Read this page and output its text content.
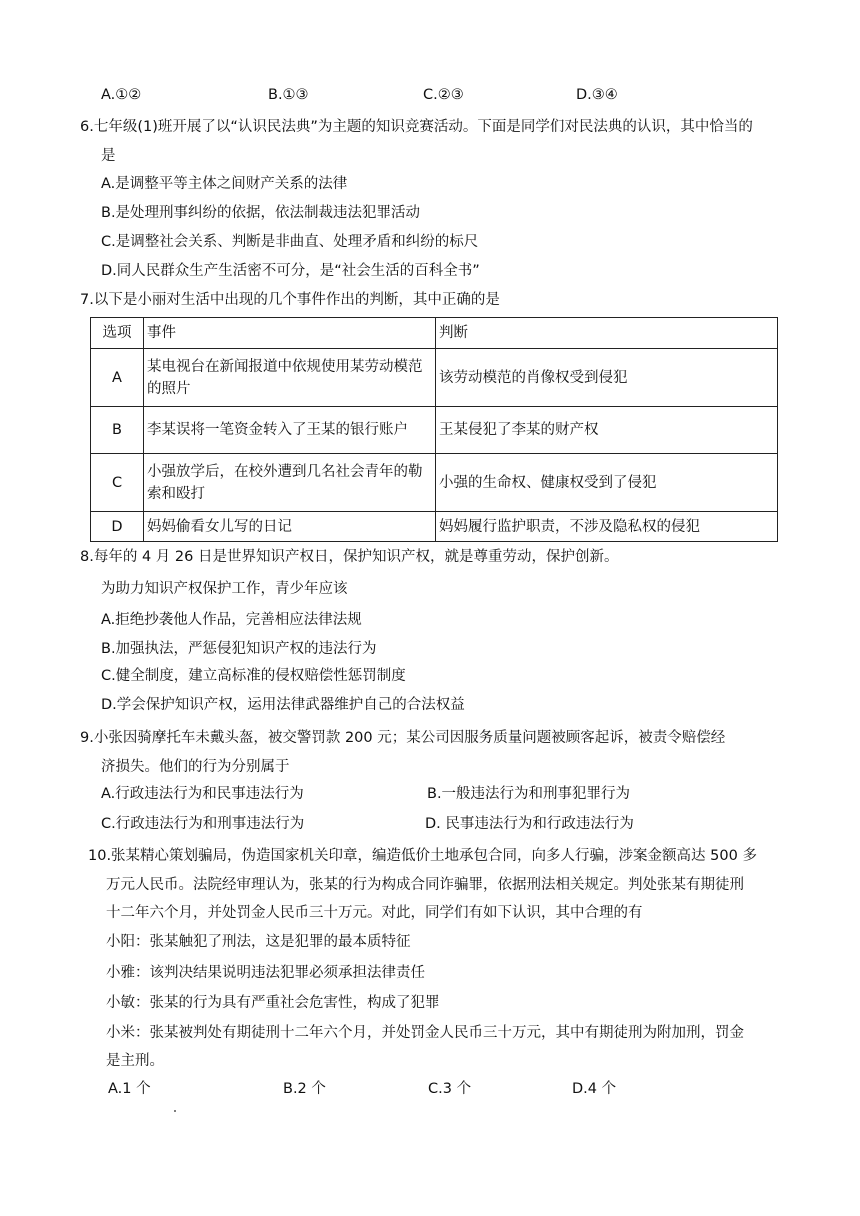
A.①②	B.①③	C.②③	D.③④
6.七年级(1)班开展了以“认识民法典”为主题的知识竞赛活动。下面是同学们对民法典的认识，其中恰当的
是
A.是调整平等主体之间财产关系的法律
B.是处理刑事纠纷的依据，依法制裁违法犯罪活动
C.是调整社会关系、判断是非曲直、处理矛盾和纠纷的标尺
D.同人民群众生产生活密不可分，是“社会生活的百科全书”
7.以下是小丽对生活中出现的几个事件作出的判断，其中正确的是
选项	事件	判断
A	某电视台在新闻报道中依规使用某劳动模范的照片	该劳动模范的肖像权受到侵犯
B	李某误将一笔资金转入了王某的银行账户	王某侵犯了李某的财产权
C	小强放学后，在校外遭到几名社会青年的勒索和殴打	小强的生命权、健康权受到了侵犯
D	妈妈偷看女儿写的日记	妈妈履行监护职责，不涉及隐私权的侵犯
8.每年的 4 月 26 日是世界知识产权日，保护知识产权，就是尊重劳动，保护创新。
为助力知识产权保护工作，青少年应该
A.拒绝抄袭他人作品，完善相应法律法规
B.加强执法，严惩侵犯知识产权的违法行为
C.健全制度，建立高标准的侵权赔偿性惩罚制度
D.学会保护知识产权，运用法律武器维护自己的合法权益
9.小张因骑摩托车未戴头盔，被交警罚款 200 元；某公司因服务质量问题被顾客起诉，被责令赔偿经
济损失。他们的行为分别属于
A.行政违法行为和民事违法行为	B.一般违法行为和刑事犯罪行为
C.行政违法行为和刑事违法行为	D. 民事违法行为和行政违法行为
10.张某精心策划骗局，伪造国家机关印章，编造低价土地承包合同，向多人行骗，涉案金额高达 500 多
万元人民币。法院经审理认为，张某的行为构成合同诈骗罪，依据刑法相关规定。判处张某有期徒刑
十二年六个月，并处罚金人民币三十万元。对此，同学们有如下认识，其中合理的有
小阳：张某触犯了刑法，这是犯罪的最本质特征
小雅：该判决结果说明违法犯罪必须承担法律责任
小敏：张某的行为具有严重社会危害性，构成了犯罪
小米：张某被判处有期徒刑十二年六个月，并处罚金人民币三十万元，其中有期徒刑为附加刑，罚金
是主刑。
A.1 个	B.2 个	C.3 个	D.4 个
